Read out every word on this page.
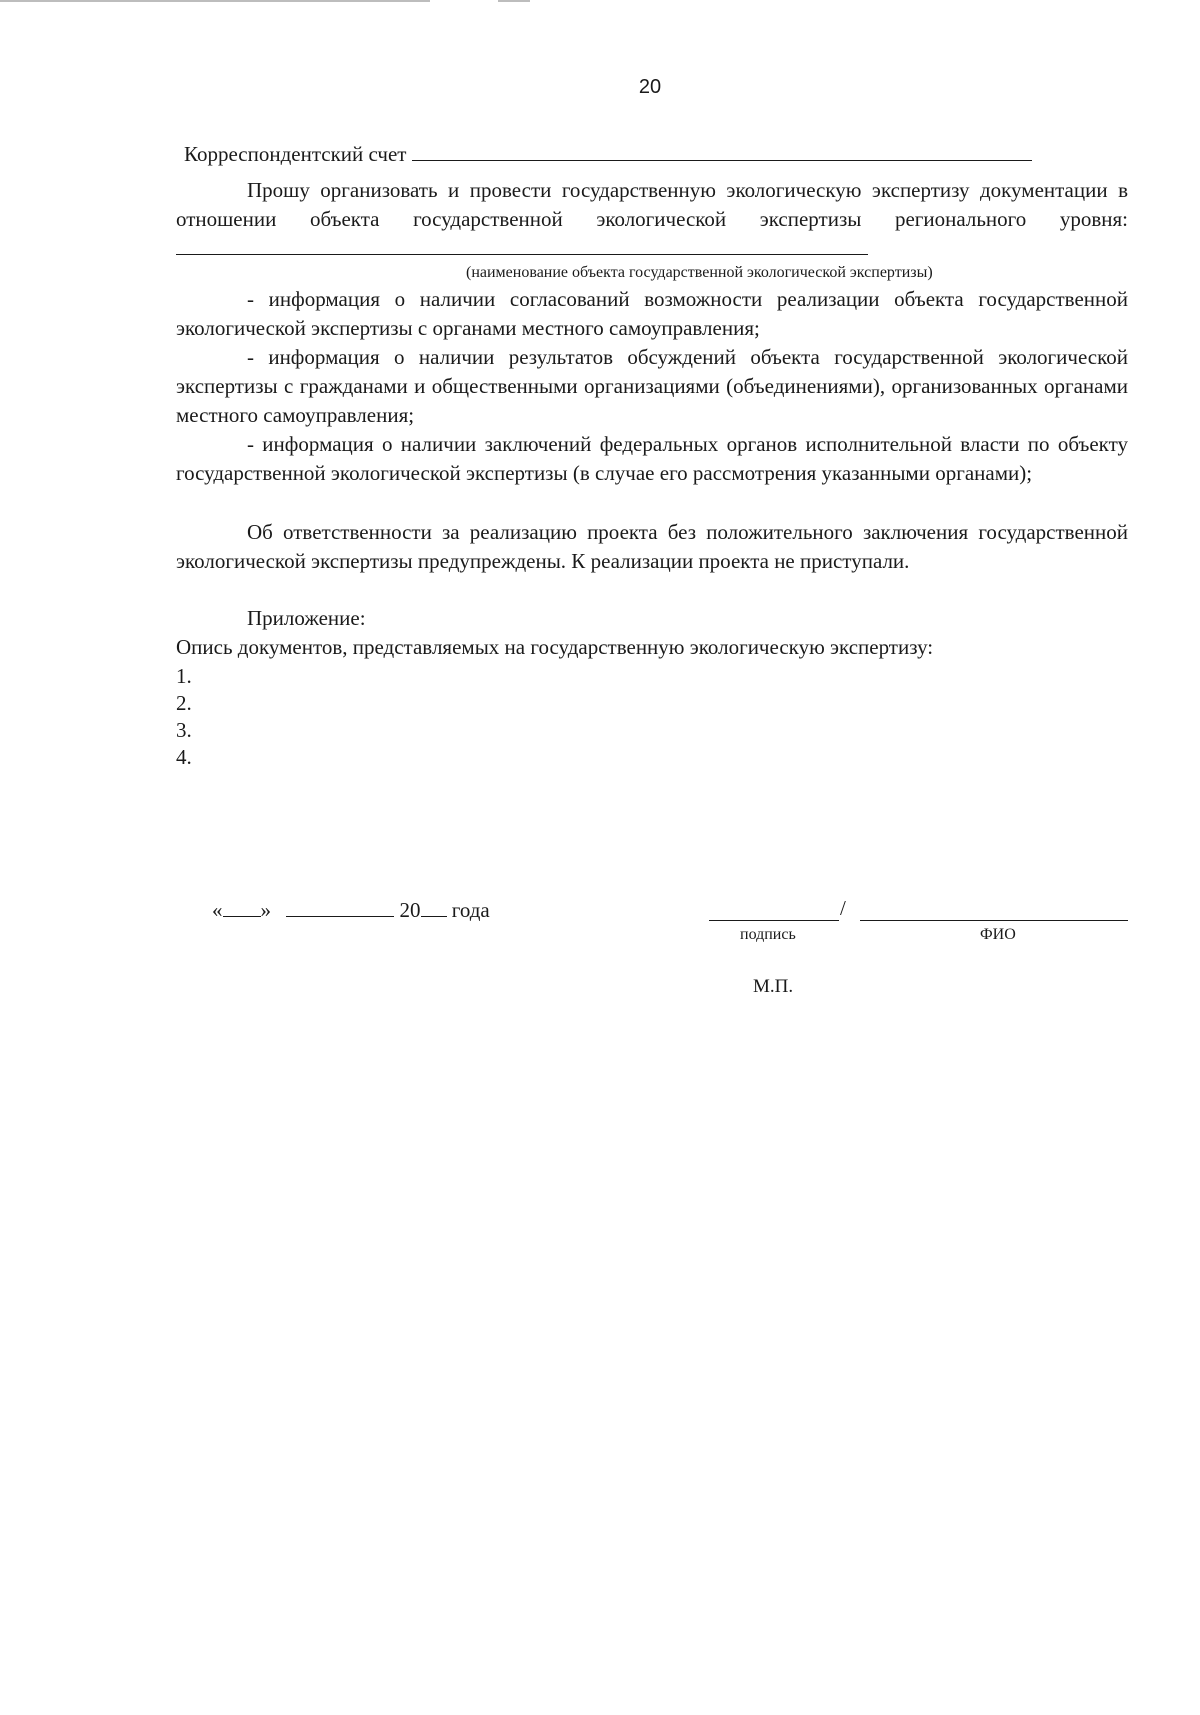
20

Корреспондентский счет

Прошу организовать и провести государственную экологическую экспертизу документации в отношении объекта государственной экологической экспертизы регионального уровня:

(наименование объекта государственной экологической экспертизы)

- информация о наличии согласований возможности реализации объекта государственной экологической экспертизы с органами местного самоуправления;

- информация о наличии результатов обсуждений объекта государственной экологической экспертизы с гражданами и общественными организациями (объединениями), организованных органами местного самоуправления;

- информация о наличии заключений федеральных органов исполнительной власти по объекту государственной экологической экспертизы (в случае его рассмотрения указанными органами);

Об ответственности за реализацию проекта без положительного заключения государственной экологической экспертизы предупреждены. К реализации проекта не приступали.

Приложение:

Опись документов, представляемых на государственную экологическую экспертизу:

1.

2.

3.

4.

« »	20 года	/
подпись	ФИО
М.П.
